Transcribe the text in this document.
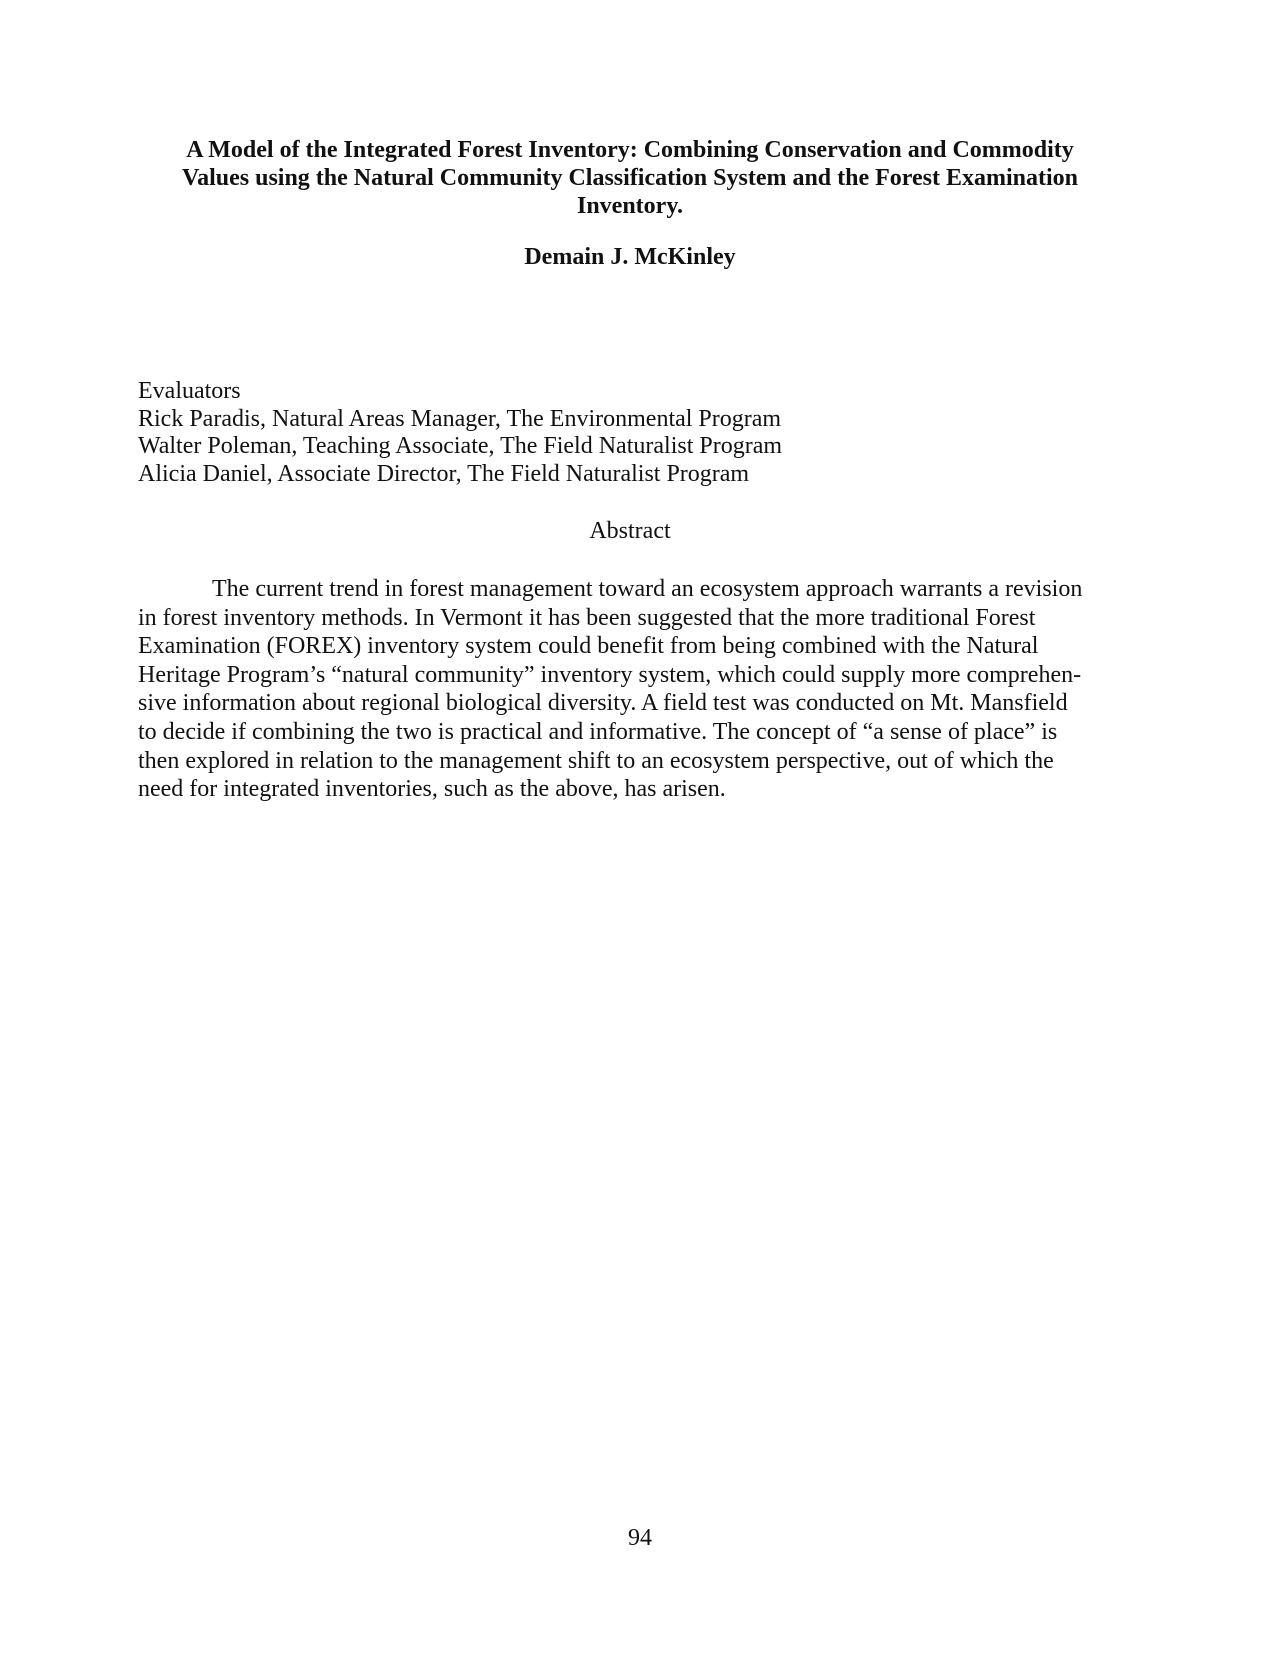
A Model of the Integrated Forest Inventory: Combining Conservation and Commodity
Values using the Natural Community Classification System and the Forest Examination
Inventory.

Demain J. McKinley

Evaluators
Rick Paradis, Natural Areas Manager, The Environmental Program
Walter Poleman, Teaching Associate, The Field Naturalist Program
Alicia Daniel, Associate Director, The Field Naturalist Program
Abstract
The current trend in forest management toward an ecosystem approach warrants a revision
in forest inventory methods. In Vermont it has been suggested that the more traditional Forest
Examination (FOREX) inventory system could benefit from being combined with the Natural
Heritage Program’s “natural community” inventory system, which could supply more comprehen-
sive information about regional biological diversity. A field test was conducted on Mt. Mansfield
to decide if combining the two is practical and informative. The concept of “a sense of place” is
then explored in relation to the management shift to an ecosystem perspective, out of which the
need for integrated inventories, such as the above, has arisen.
94
